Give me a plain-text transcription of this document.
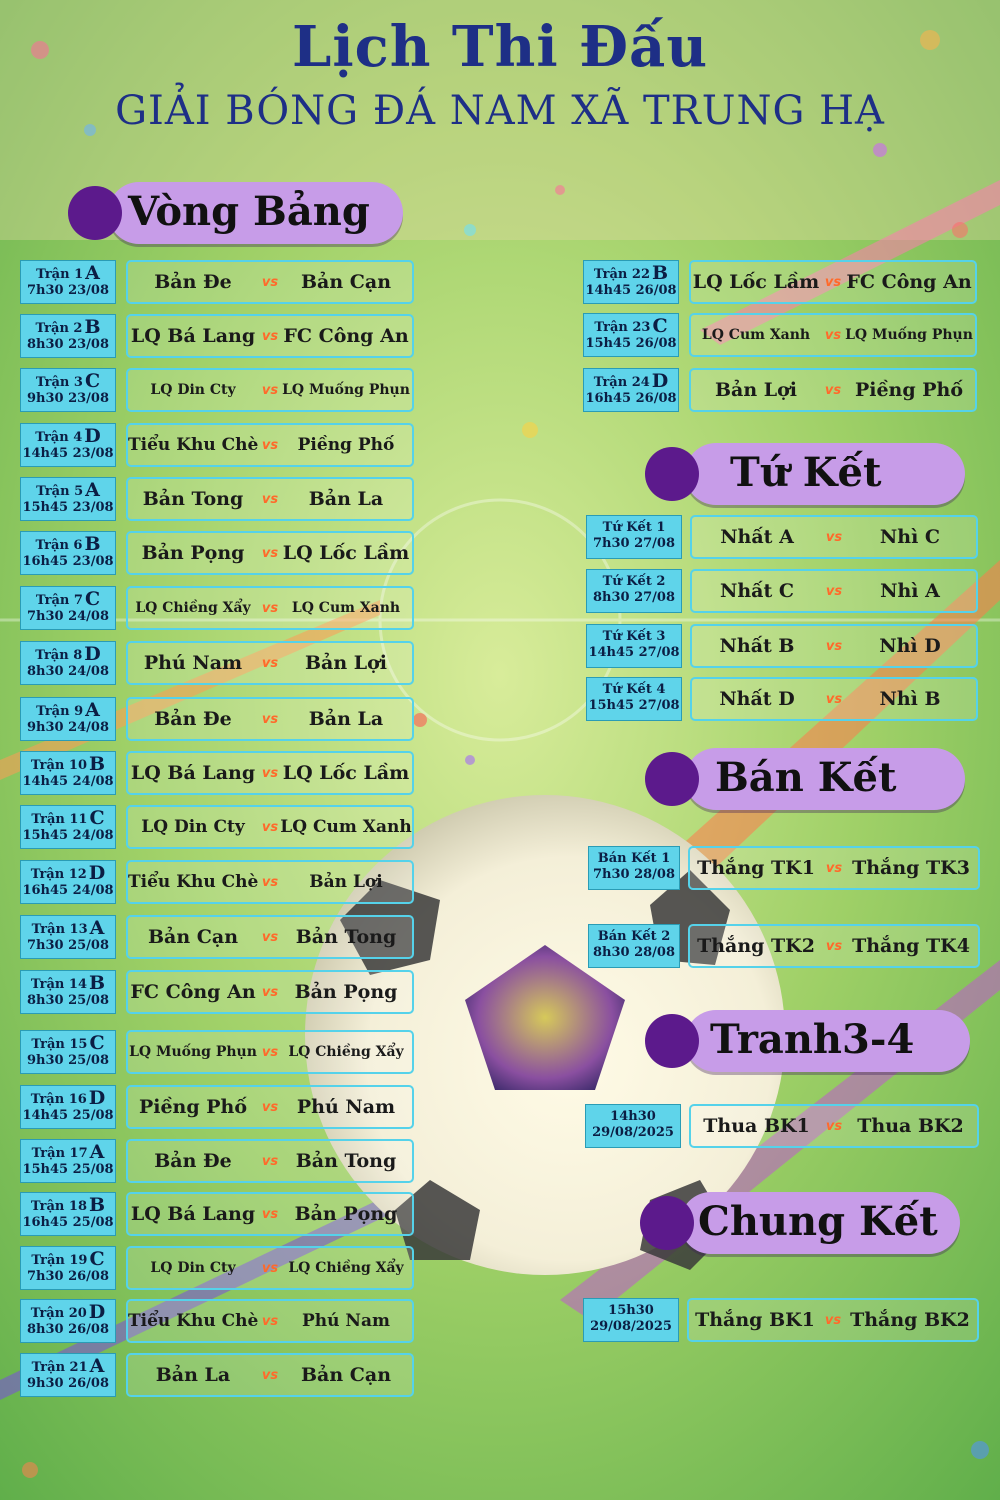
Lịch Thi Đấu
GIẢI BÓNG ĐÁ NAM XÃ TRUNG HẠ
Vòng Bảng
Tứ Kết
Bán Kết
Tranh3-4
Chung Kết
Trận 1 A
7h30 23/08	Bản Đe	vs	Bản Cạn
Trận 2 B
8h30 23/08	LQ Bá Lang vs FC Công An
Trận 3 C
9h30 23/08
LQ Din Cty	vs LQ Muống Phụn
Trận 4 D
14h45 23/08 Tiểu Khu Chè vs	Piềng Phố
Trận 5 A
15h45 23/08	Bản Tong	vs	Bản La
Trận 6 B
16h45 23/08	Bản Pọng	vs LQ Lốc Lầm
Trận 7 C
7h30 24/08
LQ Chiềng Xẩy vs LQ Cum Xanh
Trận 8 D
8h30 24/08	Phú Nam	vs	Bản Lợi
Trận 9 A
9h30 24/08	Bản Đe	vs	Bản La
Trận 10 B
14h45 24/08 LQ Bá Lang vs LQ Lốc Lầm
Trận 11 C
15h45 24/08	LQ Din Cty	vs LQ Cum Xanh
Trận 12 D
16h45 24/08 Tiểu Khu Chè vs	Bản Lợi
Trận 13 A
7h30 25/08	Bản Cạn	vs Bản Tong
Trận 14 B
8h30 25/08	FC Công An vs Bản Pọng
Trận 15 C
9h30 25/08
LQ Muống Phụn vs LQ Chiềng Xẩy
Trận 16 D
14h45 25/08	Piềng Phố	vs Phú Nam
Trận 17 A
15h45 25/08	Bản Đe	vs Bản Tong
Trận 18 B
16h45 25/08 LQ Bá Lang vs Bản Pọng
Trận 19 C
7h30 26/08
LQ Din Cty	vs LQ Chiềng Xẩy
Trận 20 D
8h30 26/08	Tiểu Khu Chè vs	Phú Nam
Trận 21 A
9h30 26/08	Bản La	vs	Bản Cạn
Trận 22 B
14h45 26/08 LQ Lốc Lầm vs FC Công An
Trận 23 C
15h45 26/08
LQ Cum Xanh	vs LQ Muống Phụn
Trận 24 D
16h45 26/08	Bản Lợi	vs Piềng Phố
Tứ Kết 1
7h30 27/08	Nhất A	vs	Nhì C
Tứ Kết 2
8h30 27/08	Nhất C	vs	Nhì A
Tứ Kết 3
14h45 27/08	Nhất B	vs	Nhì D
Tứ Kết 4
15h45 27/08	Nhất D	vs	Nhì B
Bán Kết 1
7h30 28/08	Thắng TK1 vs Thắng TK3
Bán Kết 2
8h30 28/08	Thắng TK2 vs Thắng TK4
14h30
29/08/2025	Thua BK1	vs Thua BK2
15h30
29/08/2025	Thắng BK1 vs Thắng BK2
